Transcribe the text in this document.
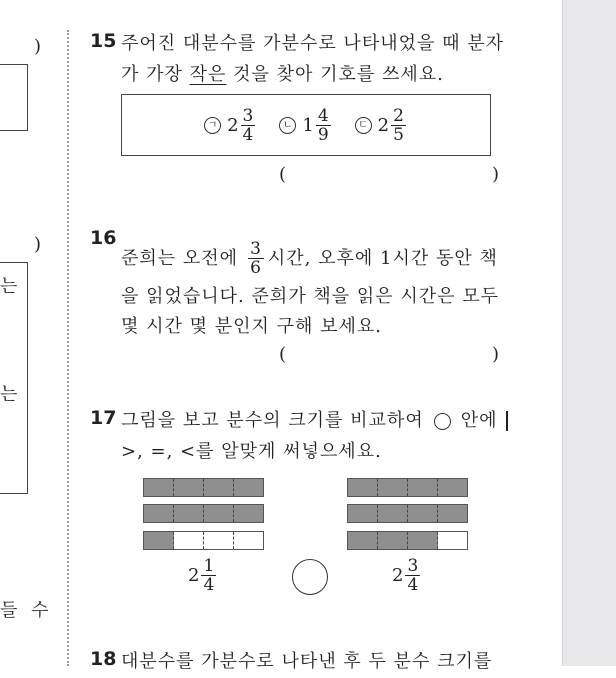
)
)
는
는
들 수
15 주어진 대분수를 가분수로 나타내었을 때 분자
가 가장 작은 것을 찾아 기호를 쓰세요.
ㄱ $2 \frac{3}{4}$	ㄴ $1 \frac{4}{9}$	ㄷ $2 \frac{2}{5}$
(	)
16
준희는 오전에 $\frac{3}{6}$ 시간, 오후에 1시간 동안 책
을 읽었습니다. 준희가 책을 읽은 시간은 모두
몇 시간 몇 분인지 구해 보세요.
(	)
17 그림을 보고 분수의 크기를 비교하여 안에
>, =, <를 알맞게 써넣으세요.
$2 \frac{1}{4}$	$2 \frac{3}{4}$
18 대분수를 가분수로 나타낸 후 두 분수 크기를
